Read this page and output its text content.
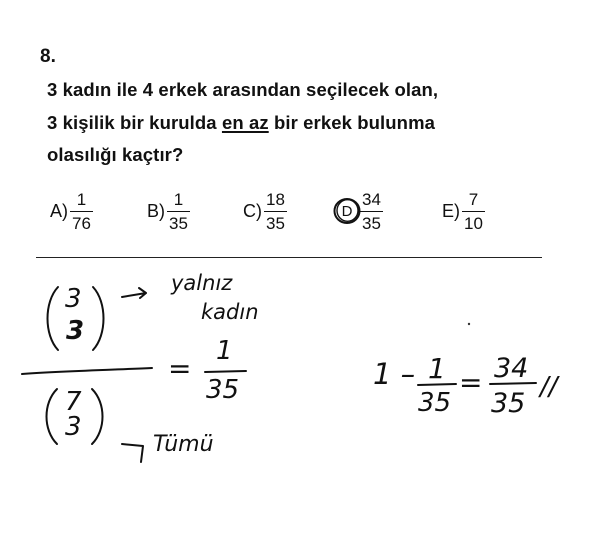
8.
3 kadın ile 4 erkek arasından seçilecek olan,
3 kişilik bir kurulda en az bir erkek bulunma
olasılığı kaçtır?
$A) \frac{1}{76}$	$B) \frac{1}{35}$	$C) \frac{18}{35}$	D $\frac{34}{35}$	$E) \frac{7}{10}$
3
3
yalnız
kadın
7
3
Tümü
=
1
35	1 – 1
35
= 34
35
//
